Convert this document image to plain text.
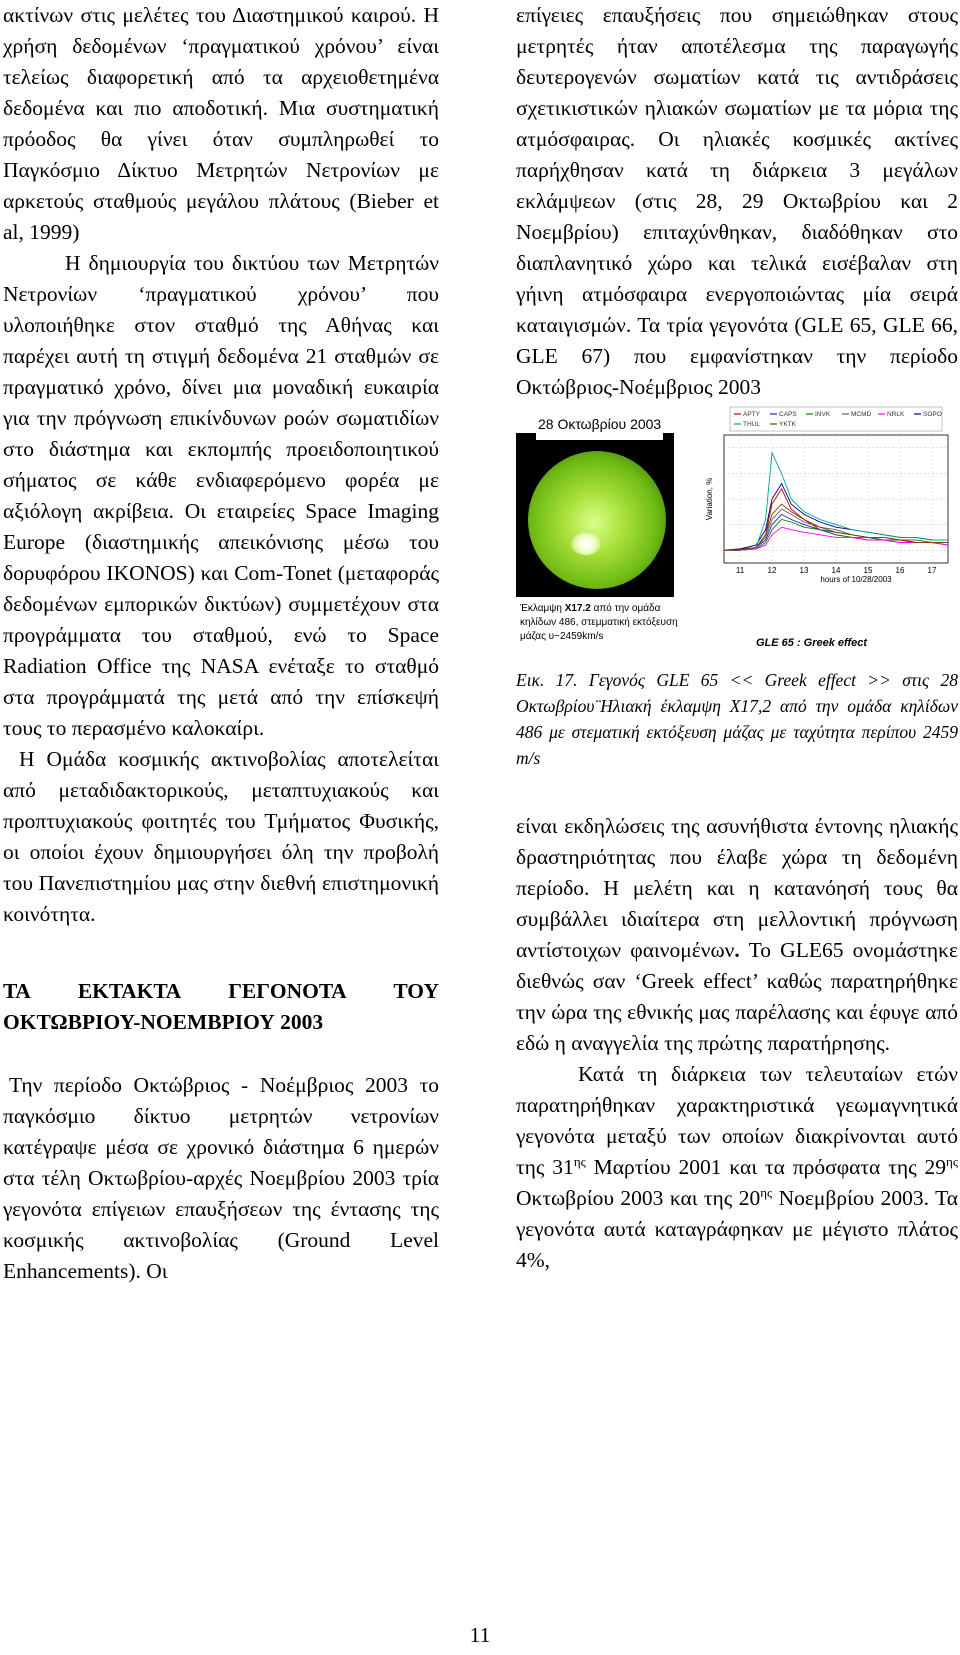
ακτίνων στις μελέτες του Διαστημικού καιρού. Η χρήση δεδομένων ‘πραγματικού χρόνου’ είναι τελείως διαφορετική από τα αρχειοθετημένα δεδομένα και πιο αποδοτική. Μια συστηματική πρόοδος θα γίνει όταν συμπληρωθεί το Παγκόσμιο Δίκτυο Μετρητών Νετρονίων με αρκετούς σταθμούς μεγάλου πλάτους (Bieber et al, 1999)

Η δημιουργία του δικτύου των Μετρητών Νετρονίων ‘πραγματικού χρόνου’ που υλοποιήθηκε στον σταθμό της Αθήνας και παρέχει αυτή τη στιγμή δεδομένα 21 σταθμών σε πραγματικό χρόνο, δίνει μια μοναδική ευκαιρία για την πρόγνωση επικίνδυνων ροών σωματιδίων στο διάστημα και εκπομπής προειδοποιητικού σήματος σε κάθε ενδιαφερόμενο φορέα με αξιόλογη ακρίβεια. Οι εταιρείες Space Imaging Europe (διαστημικής απεικόνισης μέσω του δορυφόρου IKONOS) και Com-Tonet (μεταφοράς δεδομένων εμπορικών δικτύων) συμμετέχουν στα προγράμματα του σταθμού, ενώ το Space Radiation Office της NASA ενέταξε το σταθμό στα προγράμματά της μετά από την επίσκεψή τους το περασμένο καλοκαίρι.

Η Ομάδα κοσμικής ακτινοβολίας αποτελείται από μεταδιδακτορικούς, μεταπτυχιακούς και προπτυχιακούς φοιτητές του Τμήματος Φυσικής, οι οποίοι έχουν δημιουργήσει όλη την προβολή του Πανεπιστημίου μας στην διεθνή επιστημονική κοινότητα.

ΤΑ ΕΚΤΑΚΤΑ ΓΕΓΟΝΟΤΑ ΤΟΥ ΟΚΤΩΒΡΙΟΥ-ΝΟΕΜΒΡΙΟΥ 2003

Την περίοδο Οκτώβριος - Νοέμβριος 2003 το παγκόσμιο δίκτυο μετρητών νετρονίων κατέγραψε μέσα σε χρονικό διάστημα 6 ημερών στα τέλη Οκτωβρίου-αρχές Νοεμβρίου 2003 τρία γεγονότα επίγειων επαυξήσεων της έντασης της κοσμικής ακτινοβολίας (Ground Level Enhancements). Οι

επίγειες επαυξήσεις που σημειώθηκαν στους μετρητές ήταν αποτέλεσμα της παραγωγής δευτερογενών σωματίων κατά τις αντιδράσεις σχετικιστικών ηλιακών σωματίων με τα μόρια της ατμόσφαιρας. Οι ηλιακές κοσμικές ακτίνες παρήχθησαν κατά τη διάρκεια 3 μεγάλων εκλάμψεων (στις 28, 29 Οκτωβρίου και 2 Νοεμβρίου) επιταχύνθηκαν, διαδόθηκαν στο διαπλανητικό χώρο και τελικά εισέβαλαν στη γήινη ατμόσφαιρα ενεργοποιώντας μία σειρά καταιγισμών. Τα τρία γεγονότα (GLE 65, GLE 66, GLE 67) που εμφανίστηκαν την περίοδο Οκτώβριος-Νοέμβριος 2003

28 Οκτωβρίου 2003
11	12	13	14	15	16	17
hours of 10/28/2003
Variation, %
APTY	CAPS	INVK	MCMD NRLK	SOPO
THUL	YKTK
Έκλαμψη X17.2 από την ομάδα κηλίδων 486, στεμματική εκτόξευση μάζας υ~2459km/s
GLE 65 : Greek effect

Εικ. 17. Γεγονός GLE 65 << Greek effect >> στις 28 Οκτωβρίου¨Ηλιακή έκλαμψη Χ17,2 από την ομάδα κηλίδων 486 με στεματική εκτόξευση μάζας με ταχύτητα περίπου 2459 m/s

είναι εκδηλώσεις της ασυνήθιστα έντονης ηλιακής δραστηριότητας που έλαβε χώρα τη δεδομένη περίοδο. Η μελέτη και η κατανόησή τους θα συμβάλλει ιδιαίτερα στη μελλοντική πρόγνωση αντίστοιχων φαινομένων. Το GLE65 ονομάστηκε διεθνώς σαν ‘Greek effect’ καθώς παρατηρήθηκε την ώρα της εθνικής μας παρέλασης και έφυγε από εδώ η αναγγελία της πρώτης παρατήρησης.

Κατά τη διάρκεια των τελευταίων ετών παρατηρήθηκαν χαρακτηριστικά γεωμαγνητικά γεγονότα μεταξύ των οποίων διακρίνονται αυτό της $31^{\eta\varsigma}$ Μαρτίου 2001 και τα πρόσφατα της $29^{\eta\varsigma}$ Οκτωβρίου 2003 και της $20^{\eta\varsigma}$ Νοεμβρίου 2003. Τα γεγονότα αυτά καταγράφηκαν με μέγιστο πλάτος 4%,

11
